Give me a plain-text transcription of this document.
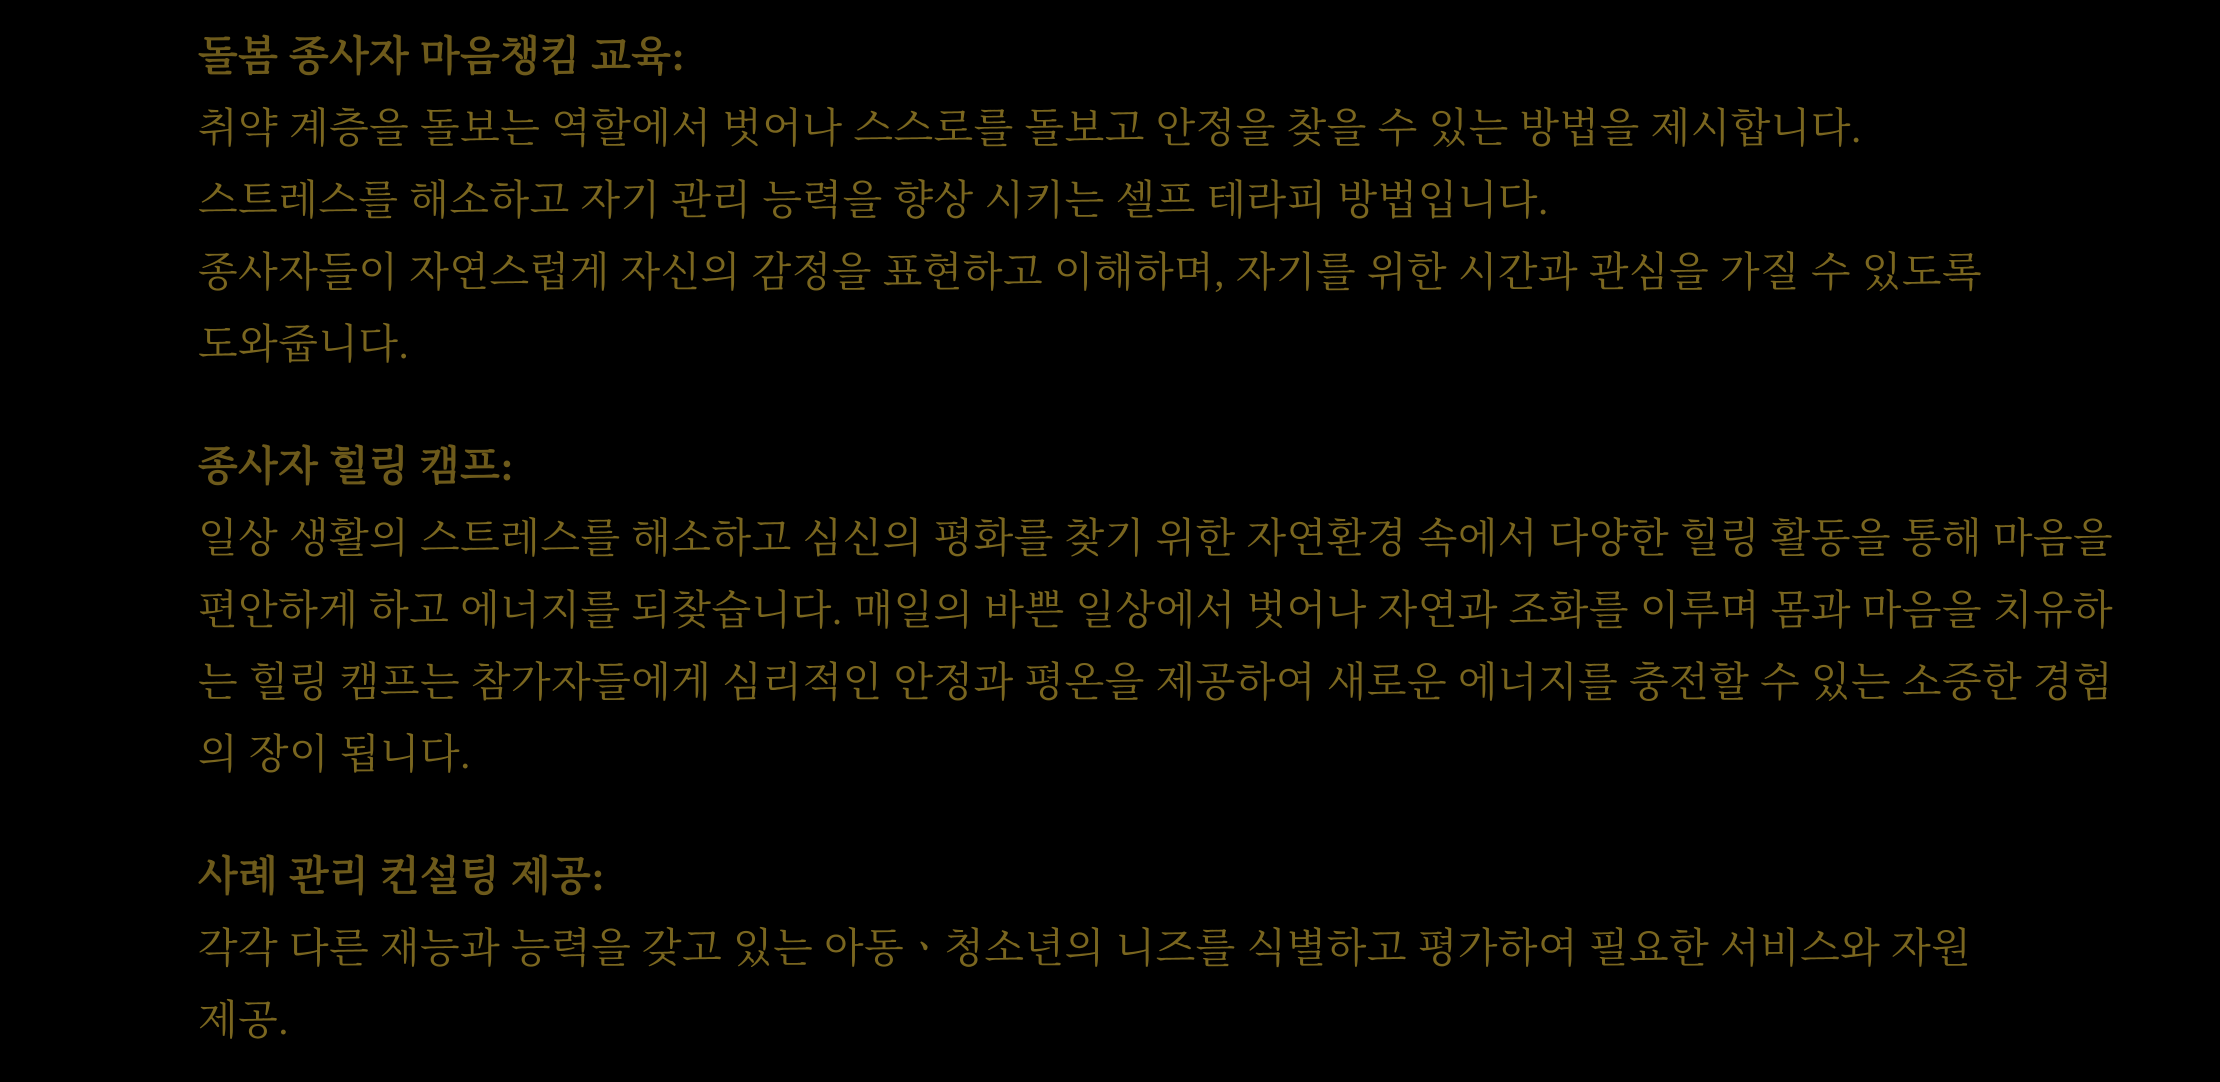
돌봄 종사자 마음챙킴 교육:
취약 계층을 돌보는 역할에서 벗어나 스스로를 돌보고 안정을 찾을 수 있는 방법을 제시합니다.
스트레스를 해소하고 자기 관리 능력을 향상 시키는 셀프 테라피 방법입니다.
종사자들이 자연스럽게 자신의 감정을 표현하고 이해하며, 자기를 위한 시간과 관심을 가질 수 있도록
도와줍니다.
종사자 힐링 캠프:
일상 생활의 스트레스를 해소하고 심신의 평화를 찾기 위한 자연환경 속에서 다양한 힐링 활동을 통해 마음을
편안하게 하고 에너지를 되찾습니다. 매일의 바쁜 일상에서 벗어나 자연과 조화를 이루며 몸과 마음을 치유하
는 힐링 캠프는 참가자들에게 심리적인 안정과 평온을 제공하여 새로운 에너지를 충전할 수 있는 소중한 경험
의 장이 됩니다.
사례 관리 컨설팅 제공:
각각 다른 재능과 능력을 갖고 있는 아동ㆍ청소년의 니즈를 식별하고 평가하여 필요한 서비스와 자원
제공.
